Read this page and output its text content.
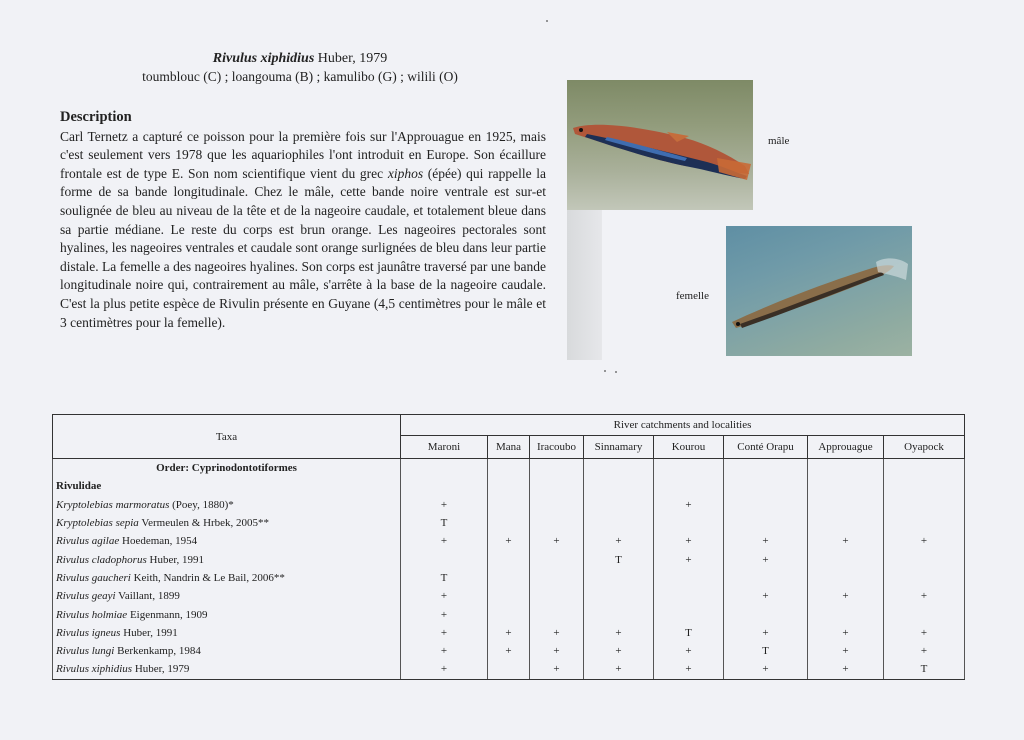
Rivulus xiphidius Huber, 1979
toumblouc (C) ; loangouma (B) ; kamulibo (G) ; wilili (O)
Description

Carl Ternetz a capturé ce poisson pour la première fois sur l'Approuague en 1925, mais c'est seulement vers 1978 que les aquariophiles l'ont introduit en Europe. Son écaillure frontale est de type E. Son nom scientifique vient du grec xiphos (épée) qui rappelle la forme de sa bande longitudinale. Chez le mâle, cette bande noire ventrale est sur-et soulignée de bleu au niveau de la tête et de la nageoire caudale, et totalement bleue dans sa partie médiane. Le reste du corps est brun orange. Les nageoires pectorales sont hyalines, les nageoires ventrales et caudale sont orange surlignées de bleu dans leur partie distale. La femelle a des nageoires hyalines. Son corps est jaunâtre traversé par une bande longitudinale noire qui, contrairement au mâle, s'arrête à la base de la nageoire caudale. C'est la plus petite espèce de Rivulin présente en Guyane (4,5 centimètres pour le mâle et 3 centimètres pour la femelle).

mâle
femelle
Taxa	River catchments and localities							
	Maroni	Mana	Iracoubo	Sinnamary	Kourou	Conté Orapu	Approuague	Oyapock
Order: Cyprinodontotiformes								
Rivulidae								
Kryptolebias marmoratus (Poey, 1880)*	+				+			
Kryptolebias sepia Vermeulen & Hrbek, 2005**	T							
Rivulus agilae Hoedeman, 1954	+	+	+	+	+	+	+	+
Rivulus cladophorus Huber, 1991				T	+	+		
Rivulus gaucheri Keith, Nandrin & Le Bail, 2006**	T							
Rivulus geayi Vaillant, 1899	+					+	+	+
Rivulus holmiae Eigenmann, 1909	+							
Rivulus igneus Huber, 1991	+	+	+	+	T	+	+	+
Rivulus lungi Berkenkamp, 1984	+	+	+	+	+	T	+	+
Rivulus xiphidius Huber, 1979	+		+	+	+	+	+	T
